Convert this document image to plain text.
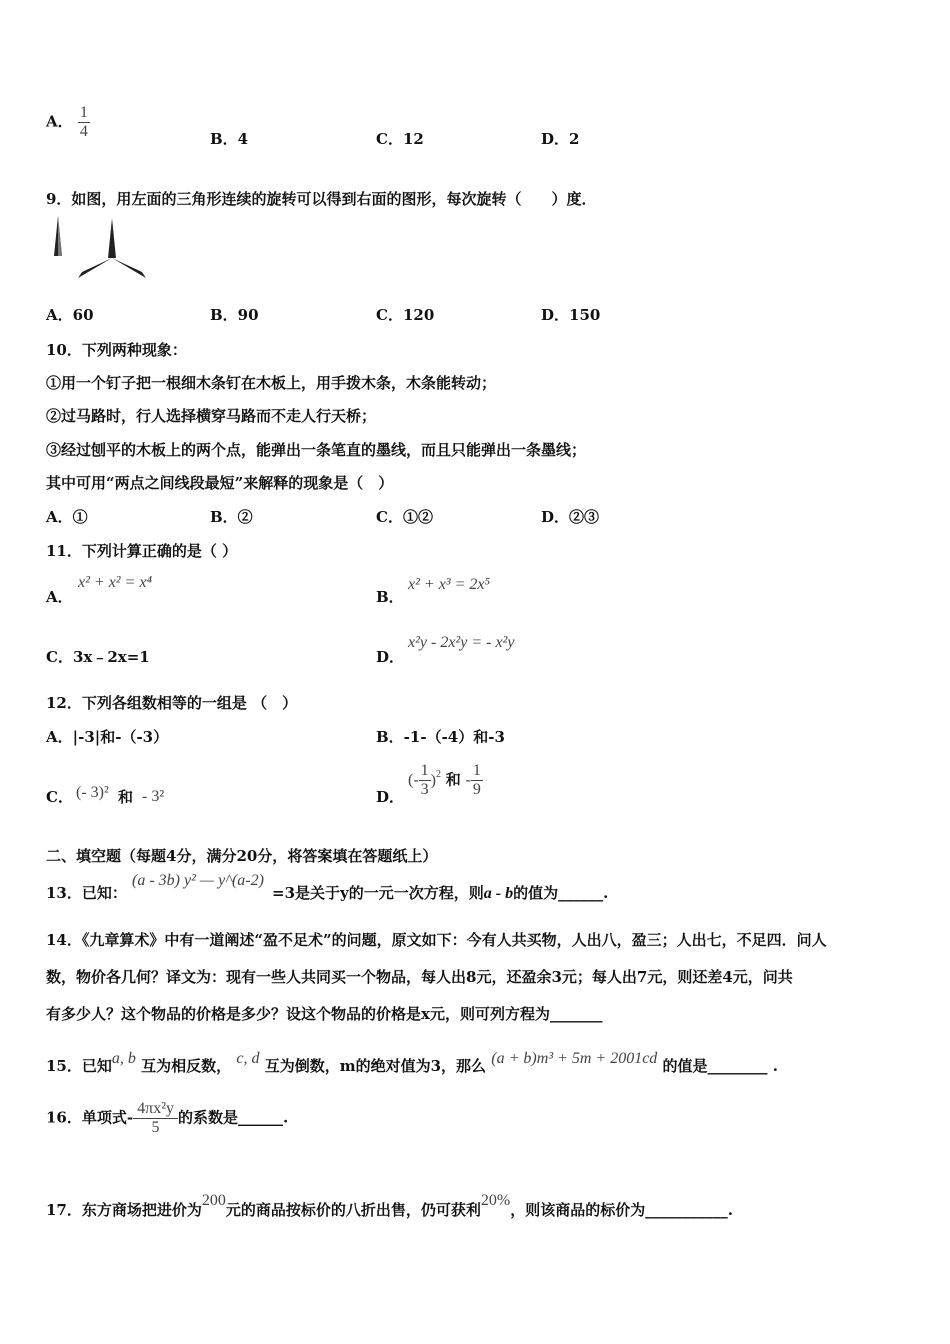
A． $\frac{1}{4}$	B．4	C．12	D．2
9．如图，用左面的三角形连续的旋转可以得到右面的图形，每次旋转（　　）度．
A．60	B．90	C．120	D．150
10．下列两种现象：
①用一个钉子把一根细木条钉在木板上，用手拨木条，木条能转动；
②过马路时，行人选择横穿马路而不走人行天桥；
③经过刨平的木板上的两个点，能弹出一条笔直的墨线，而且只能弹出一条墨线；
其中可用“两点之间线段最短”来解释的现象是（　）
A．①	B．②	C．①②	D．②③
11．下列计算正确的是（ ）
A．
x² + x² = x⁴
B．
x² + x³ = 2x⁵
C．3x﹣2x=1	D．
x²y - 2x²y = - x²y
12．下列各组数相等的一组是 （　）
A．|-3|和-（-3）	B．-1-（-4）和-3
C． (- 3)² 和 - 3²	D．
(- $\frac{1}{3} )^2$ 和 - $\frac{1}{9}$
二、填空题（每题4分，满分20分，将答案填在答题纸上）
13．已知：
(a - 3b) y² — y^(a-2)
=3是关于y的一元一次方程，则a - b的值为______.
14．《九章算术》中有一道阐述“盈不足术”的问题，原文如下：今有人共买物，人出八，盈三；人出七，不足四．问人
数，物价各几何？译文为：现有一些人共同买一个物品，每人出8元，还盈余3元；每人出7元，则还差4元，问共
有多少人？这个物品的价格是多少？设这个物品的价格是x元，则可列方程为_______
15．已知a, b 互为相反数， c, d 互为倒数，m的绝对值为3，那么 (a + b)m³ + 5m + 2001cd 的值是________ .
16．单项式- $\frac{\text{4πx²y}}{5}$ 的系数是______.
17．东方商场把进价为200元的商品按标价的八折出售，仍可获利20%，则该商品的标价为___________.
